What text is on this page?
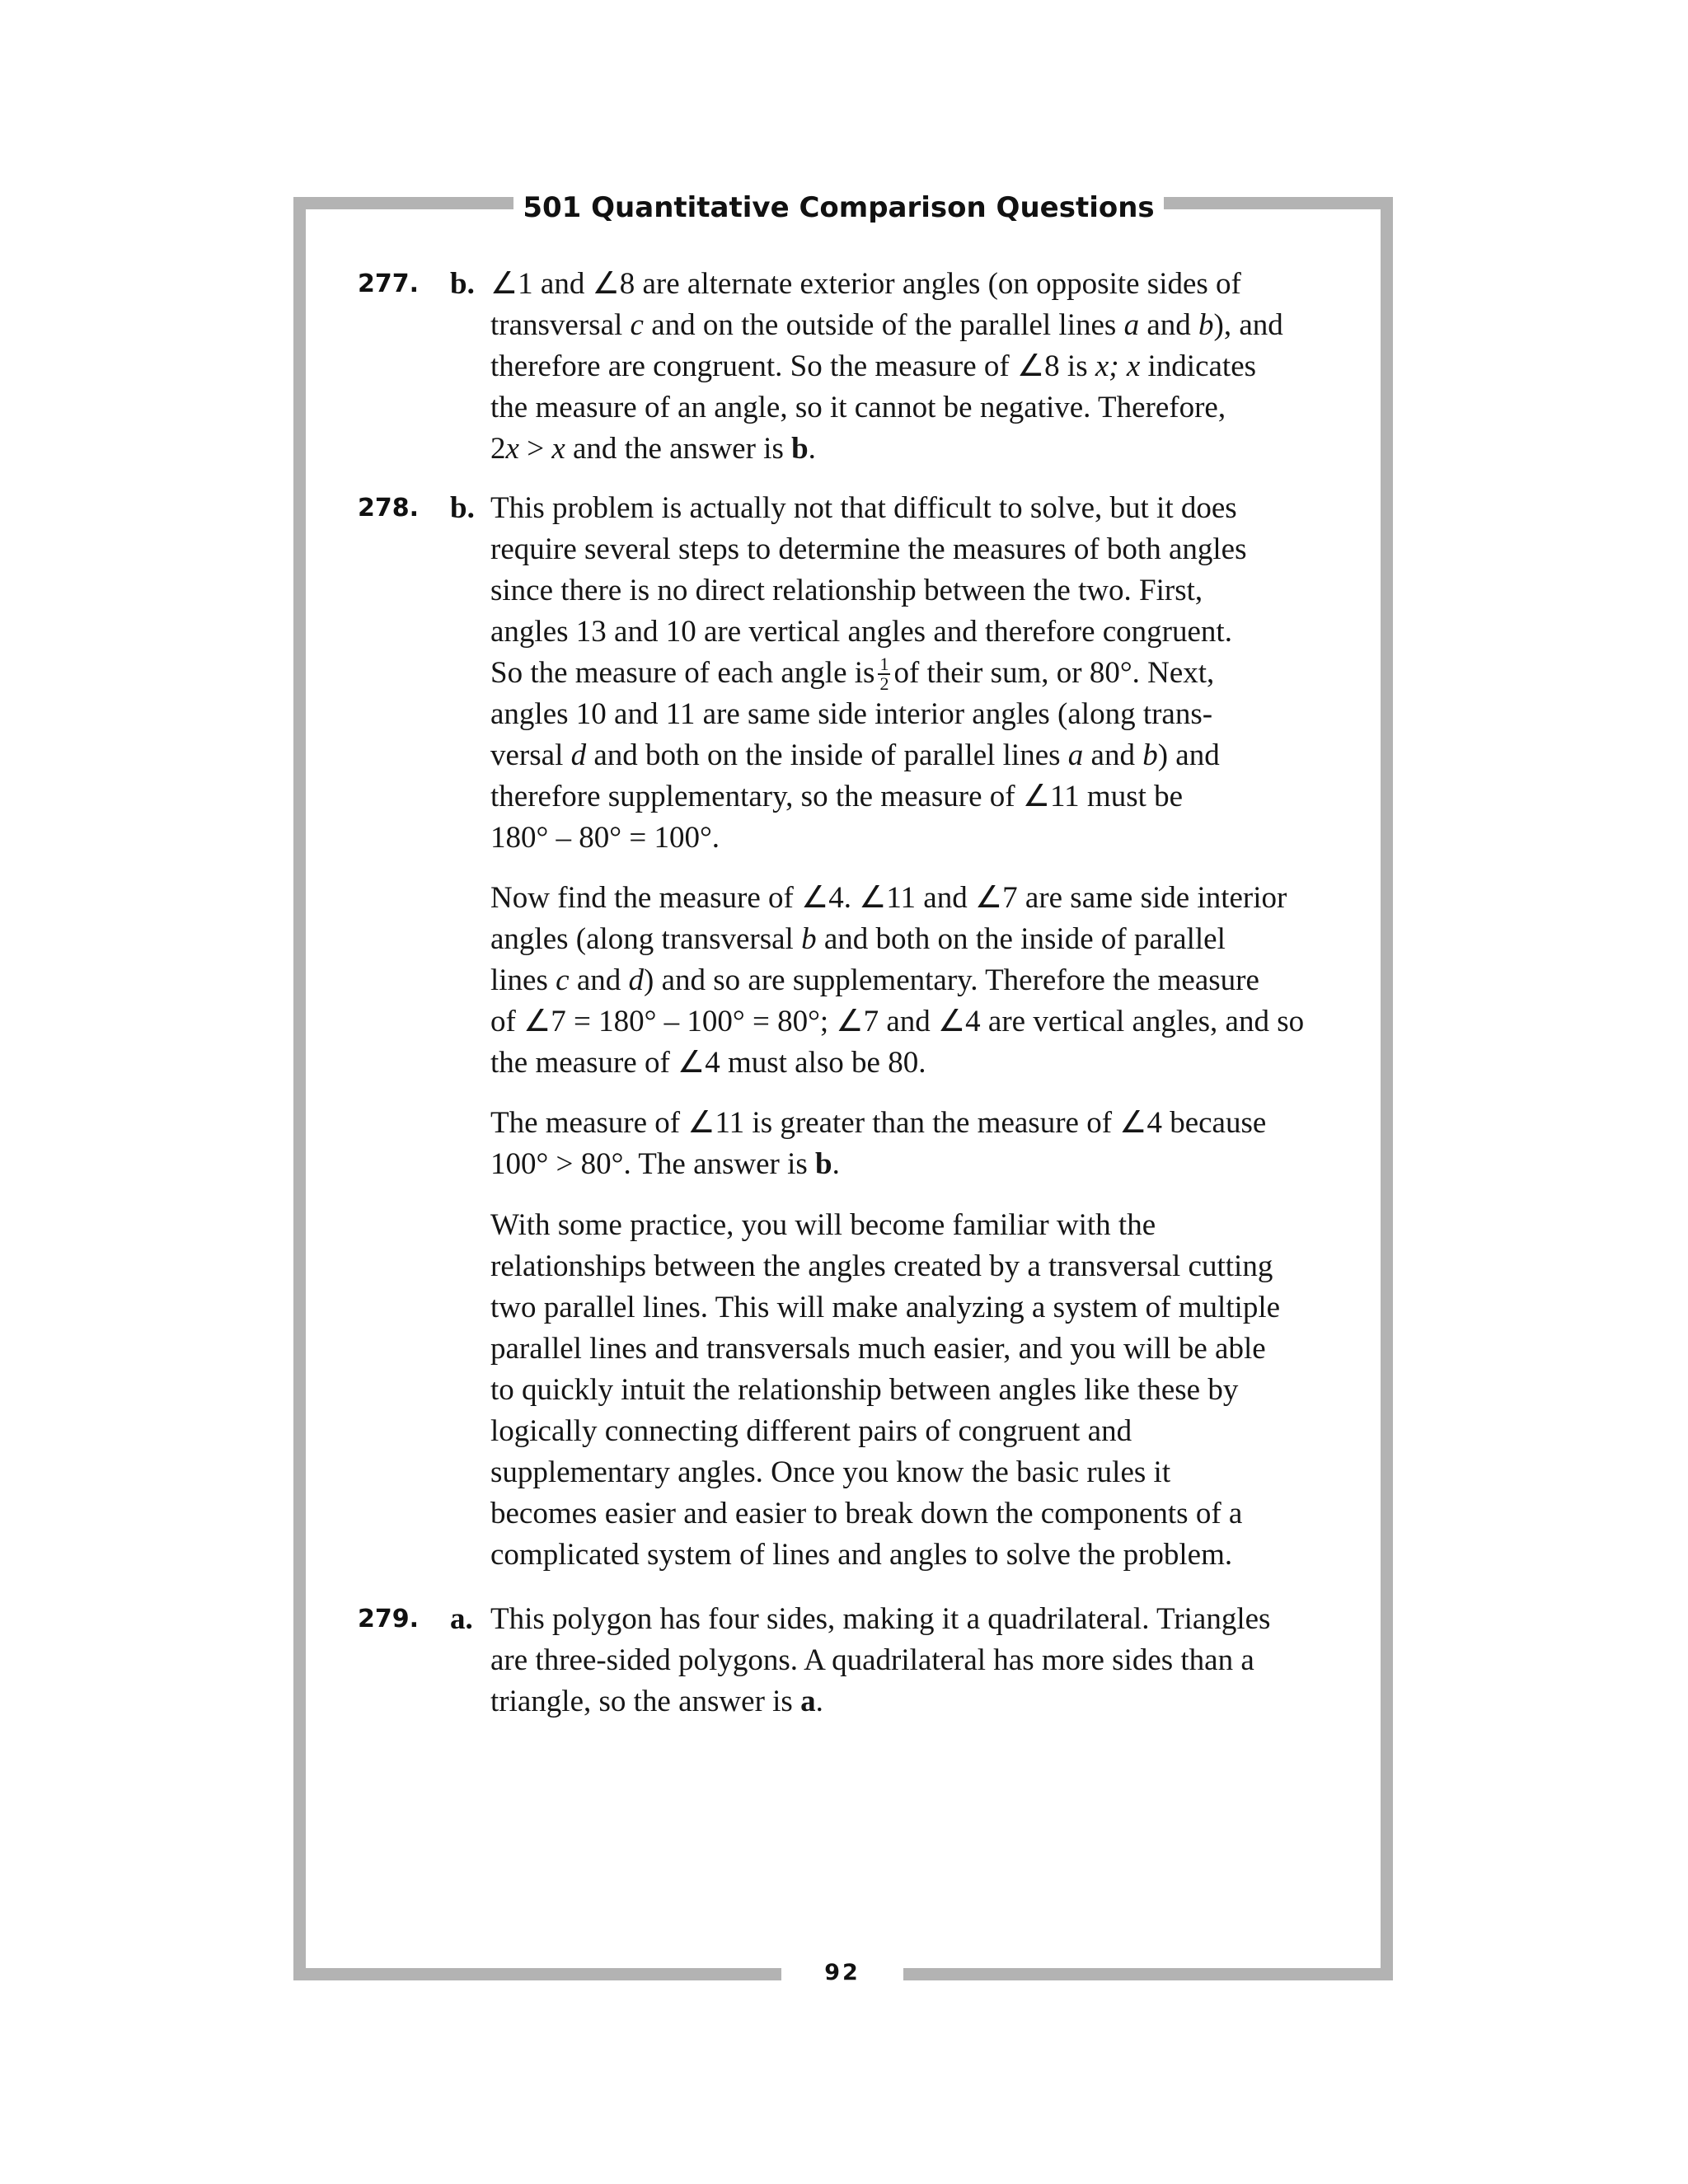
501 Quantitative Comparison Questions
92
277.	b. ∠1 and ∠8 are alternate exterior angles (on opposite sides of
transversal c and on the outside of the parallel lines a and b), and
therefore are congruent. So the measure of ∠8 is x; x indicates
the measure of an angle, so it cannot be negative. Therefore,
2x > x and the answer is b.
278.	b. This problem is actually not that difficult to solve, but it does
require several steps to determine the measures of both angles
since there is no direct relationship between the two. First,
angles 13 and 10 are vertical angles and therefore congruent.
So the measure of each angle is $\frac{1}{2}$ of their sum, or 80°. Next,
angles 10 and 11 are same side interior angles (along trans-
versal d and both on the inside of parallel lines a and b) and
therefore supplementary, so the measure of ∠11 must be
180° – 80° = 100°.
Now find the measure of ∠4. ∠11 and ∠7 are same side interior
angles (along transversal b and both on the inside of parallel
lines c and d) and so are supplementary. Therefore the measure
of ∠7 = 180° – 100° = 80°; ∠7 and ∠4 are vertical angles, and so
the measure of ∠4 must also be 80.
The measure of ∠11 is greater than the measure of ∠4 because
100° > 80°. The answer is b.
With some practice, you will become familiar with the
relationships between the angles created by a transversal cutting
two parallel lines. This will make analyzing a system of multiple
parallel lines and transversals much easier, and you will be able
to quickly intuit the relationship between angles like these by
logically connecting different pairs of congruent and
supplementary angles. Once you know the basic rules it
becomes easier and easier to break down the components of a
complicated system of lines and angles to solve the problem.
279.	a. This polygon has four sides, making it a quadrilateral. Triangles
are three-sided polygons. A quadrilateral has more sides than a
triangle, so the answer is a.
